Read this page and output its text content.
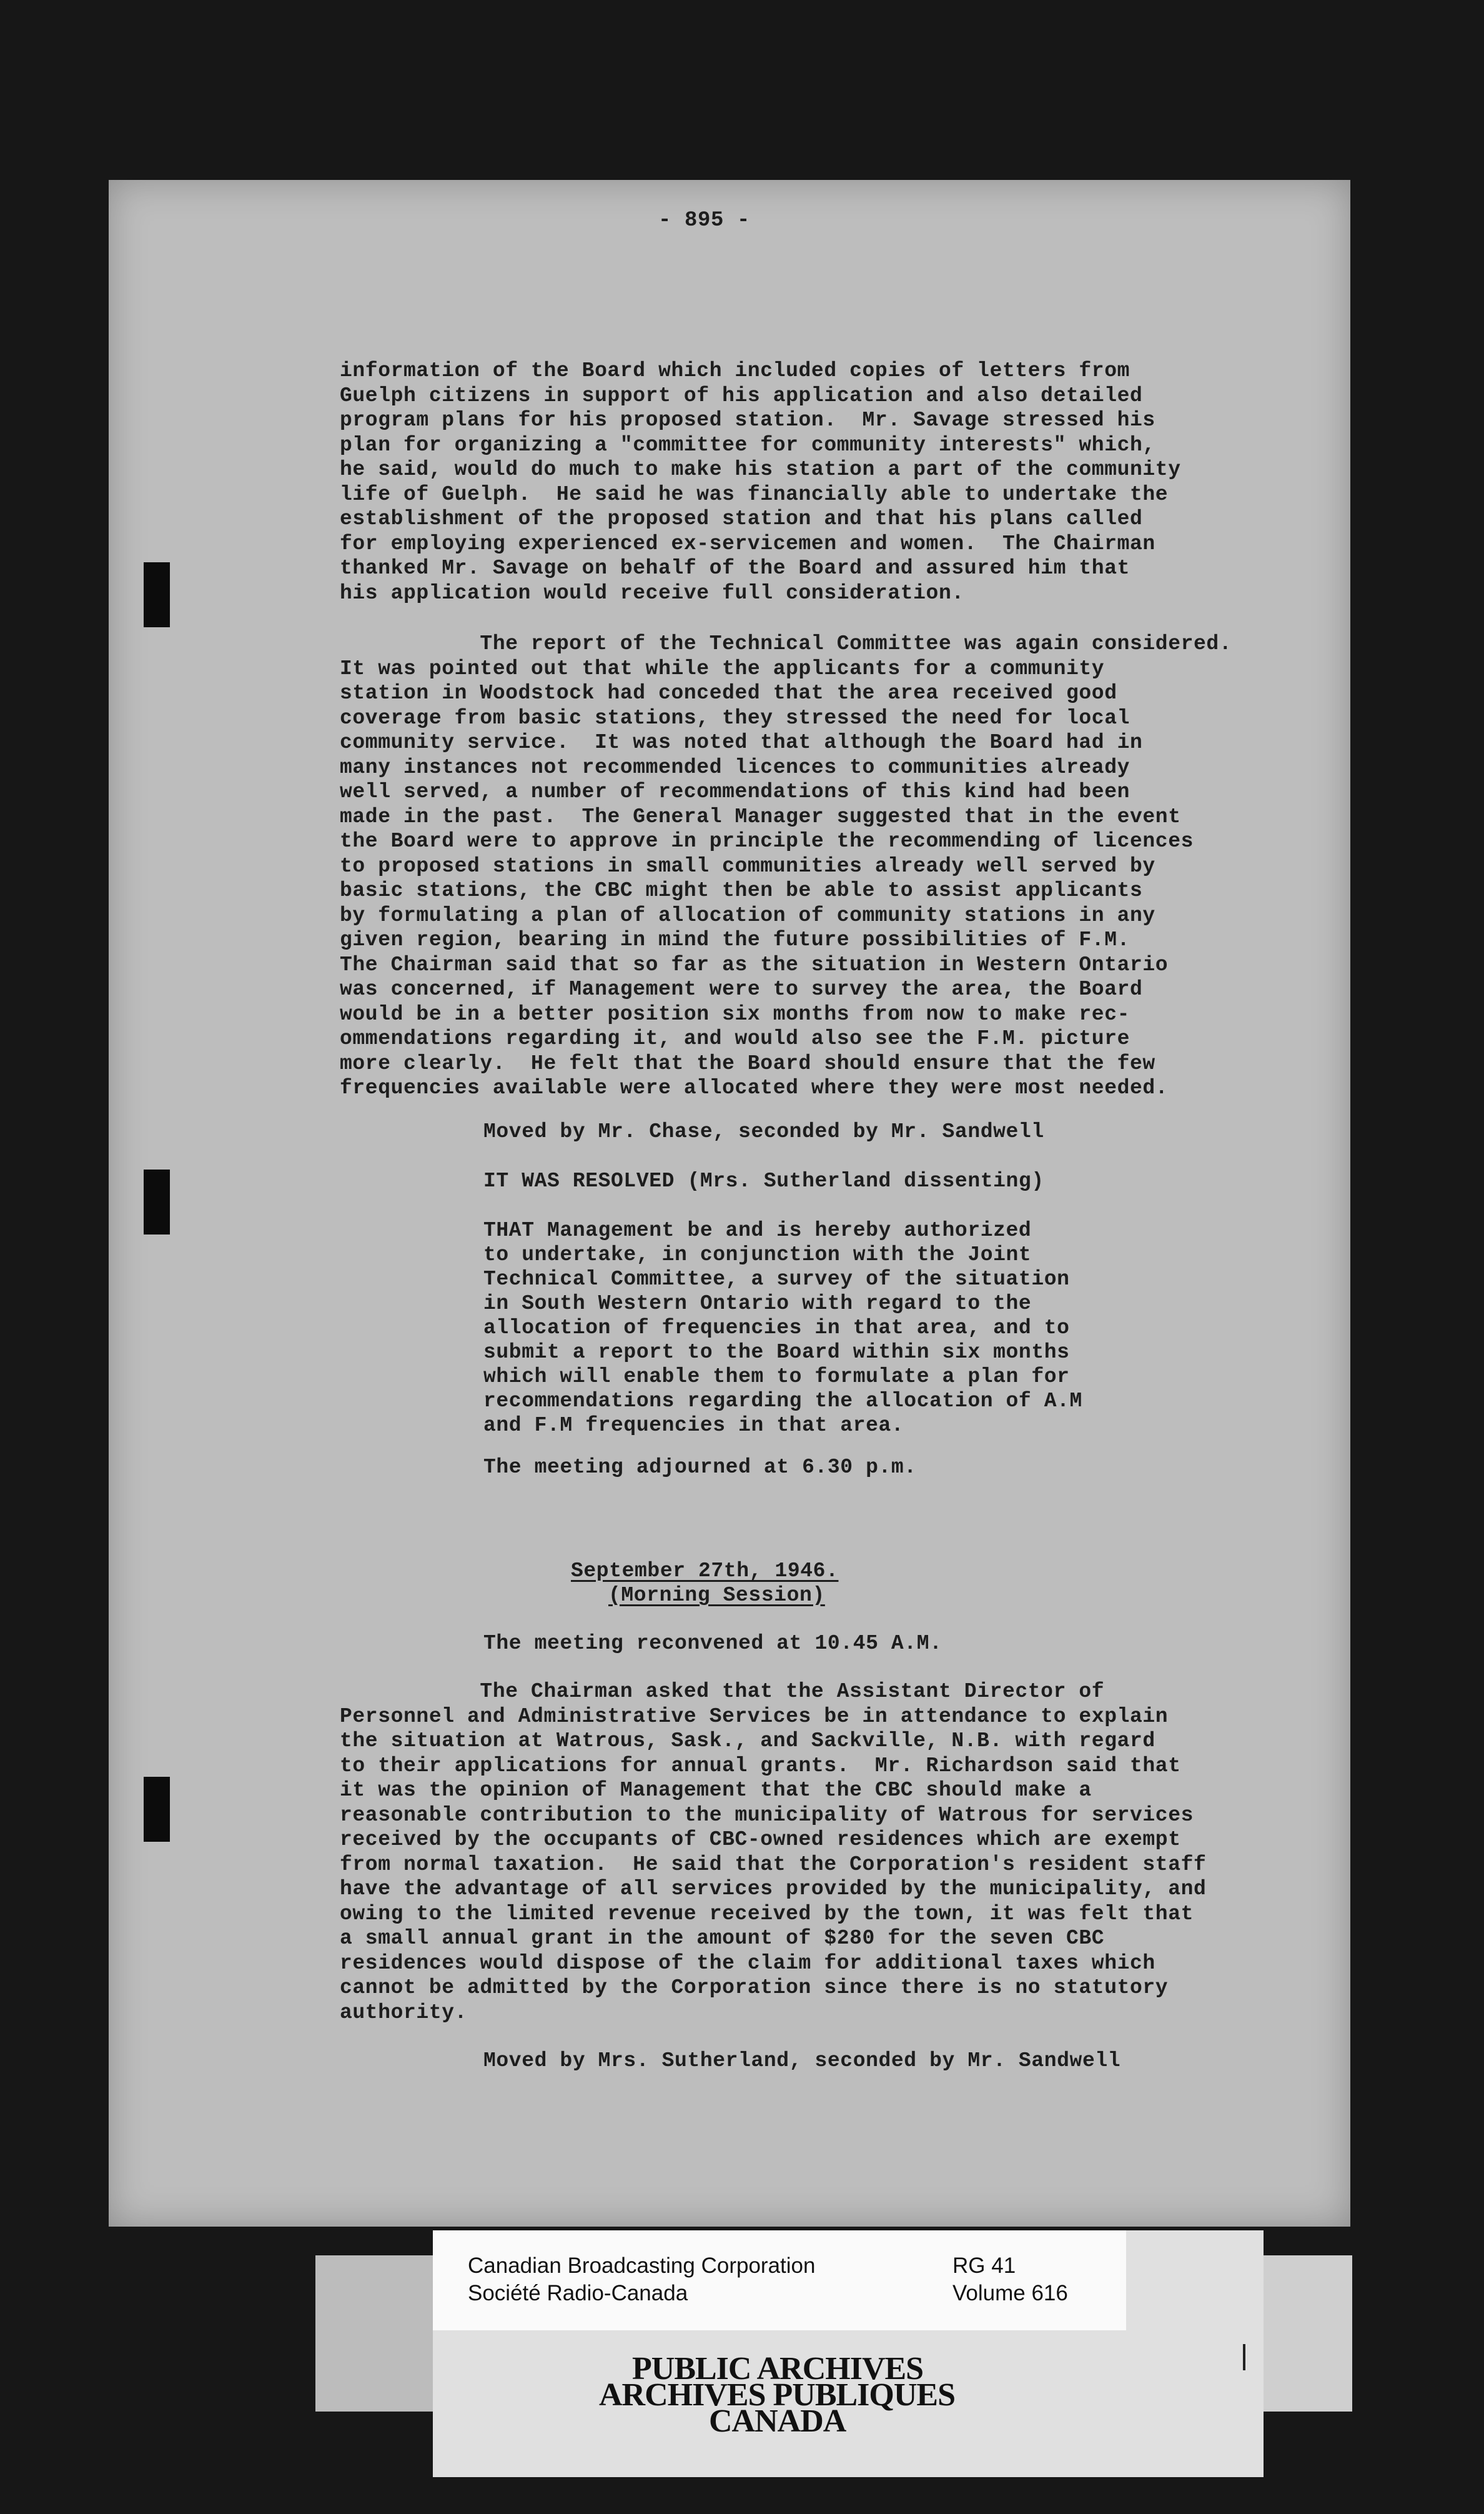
- 895 -

information of the Board which included copies of letters from
Guelph citizens in support of his application and also detailed
program plans for his proposed station.  Mr. Savage stressed his
plan for organizing a "committee for community interests" which,
he said, would do much to make his station a part of the community
life of Guelph.  He said he was financially able to undertake the
establishment of the proposed station and that his plans called
for employing experienced ex-servicemen and women.  The Chairman
thanked Mr. Savage on behalf of the Board and assured him that
his application would receive full consideration.

The report of the Technical Committee was again considered.
It was pointed out that while the applicants for a community
station in Woodstock had conceded that the area received good
coverage from basic stations, they stressed the need for local
community service.  It was noted that although the Board had in
many instances not recommended licences to communities already
well served, a number of recommendations of this kind had been
made in the past.  The General Manager suggested that in the event
the Board were to approve in principle the recommending of licences
to proposed stations in small communities already well served by
basic stations, the CBC might then be able to assist applicants
by formulating a plan of allocation of community stations in any
given region, bearing in mind the future possibilities of F.M.
The Chairman said that so far as the situation in Western Ontario
was concerned, if Management were to survey the area, the Board
would be in a better position six months from now to make rec-
ommendations regarding it, and would also see the F.M. picture
more clearly.  He felt that the Board should ensure that the few
frequencies available were allocated where they were most needed.

Moved by Mr. Chase, seconded by Mr. Sandwell

IT WAS RESOLVED (Mrs. Sutherland dissenting)

THAT Management be and is hereby authorized
to undertake, in conjunction with the Joint
Technical Committee, a survey of the situation
in South Western Ontario with regard to the
allocation of frequencies in that area, and to
submit a report to the Board within six months
which will enable them to formulate a plan for
recommendations regarding the allocation of A.M
and F.M frequencies in that area.

The meeting adjourned at 6.30 p.m.

September 27th, 1946.

(Morning Session)

The meeting reconvened at 10.45 A.M.

The Chairman asked that the Assistant Director of
Personnel and Administrative Services be in attendance to explain
the situation at Watrous, Sask., and Sackville, N.B. with regard
to their applications for annual grants.  Mr. Richardson said that
it was the opinion of Management that the CBC should make a
reasonable contribution to the municipality of Watrous for services
received by the occupants of CBC-owned residences which are exempt
from normal taxation.  He said that the Corporation's resident staff
have the advantage of all services provided by the municipality, and
owing to the limited revenue received by the town, it was felt that
a small annual grant in the amount of $280 for the seven CBC
residences would dispose of the claim for additional taxes which
cannot be admitted by the Corporation since there is no statutory
authority.

Moved by Mrs. Sutherland, seconded by Mr. Sandwell

Canadian Broadcasting Corporation
Société Radio-Canada
RG 41
Volume 616
PUBLIC ARCHIVES
ARCHIVES PUBLIQUES
CANADA
